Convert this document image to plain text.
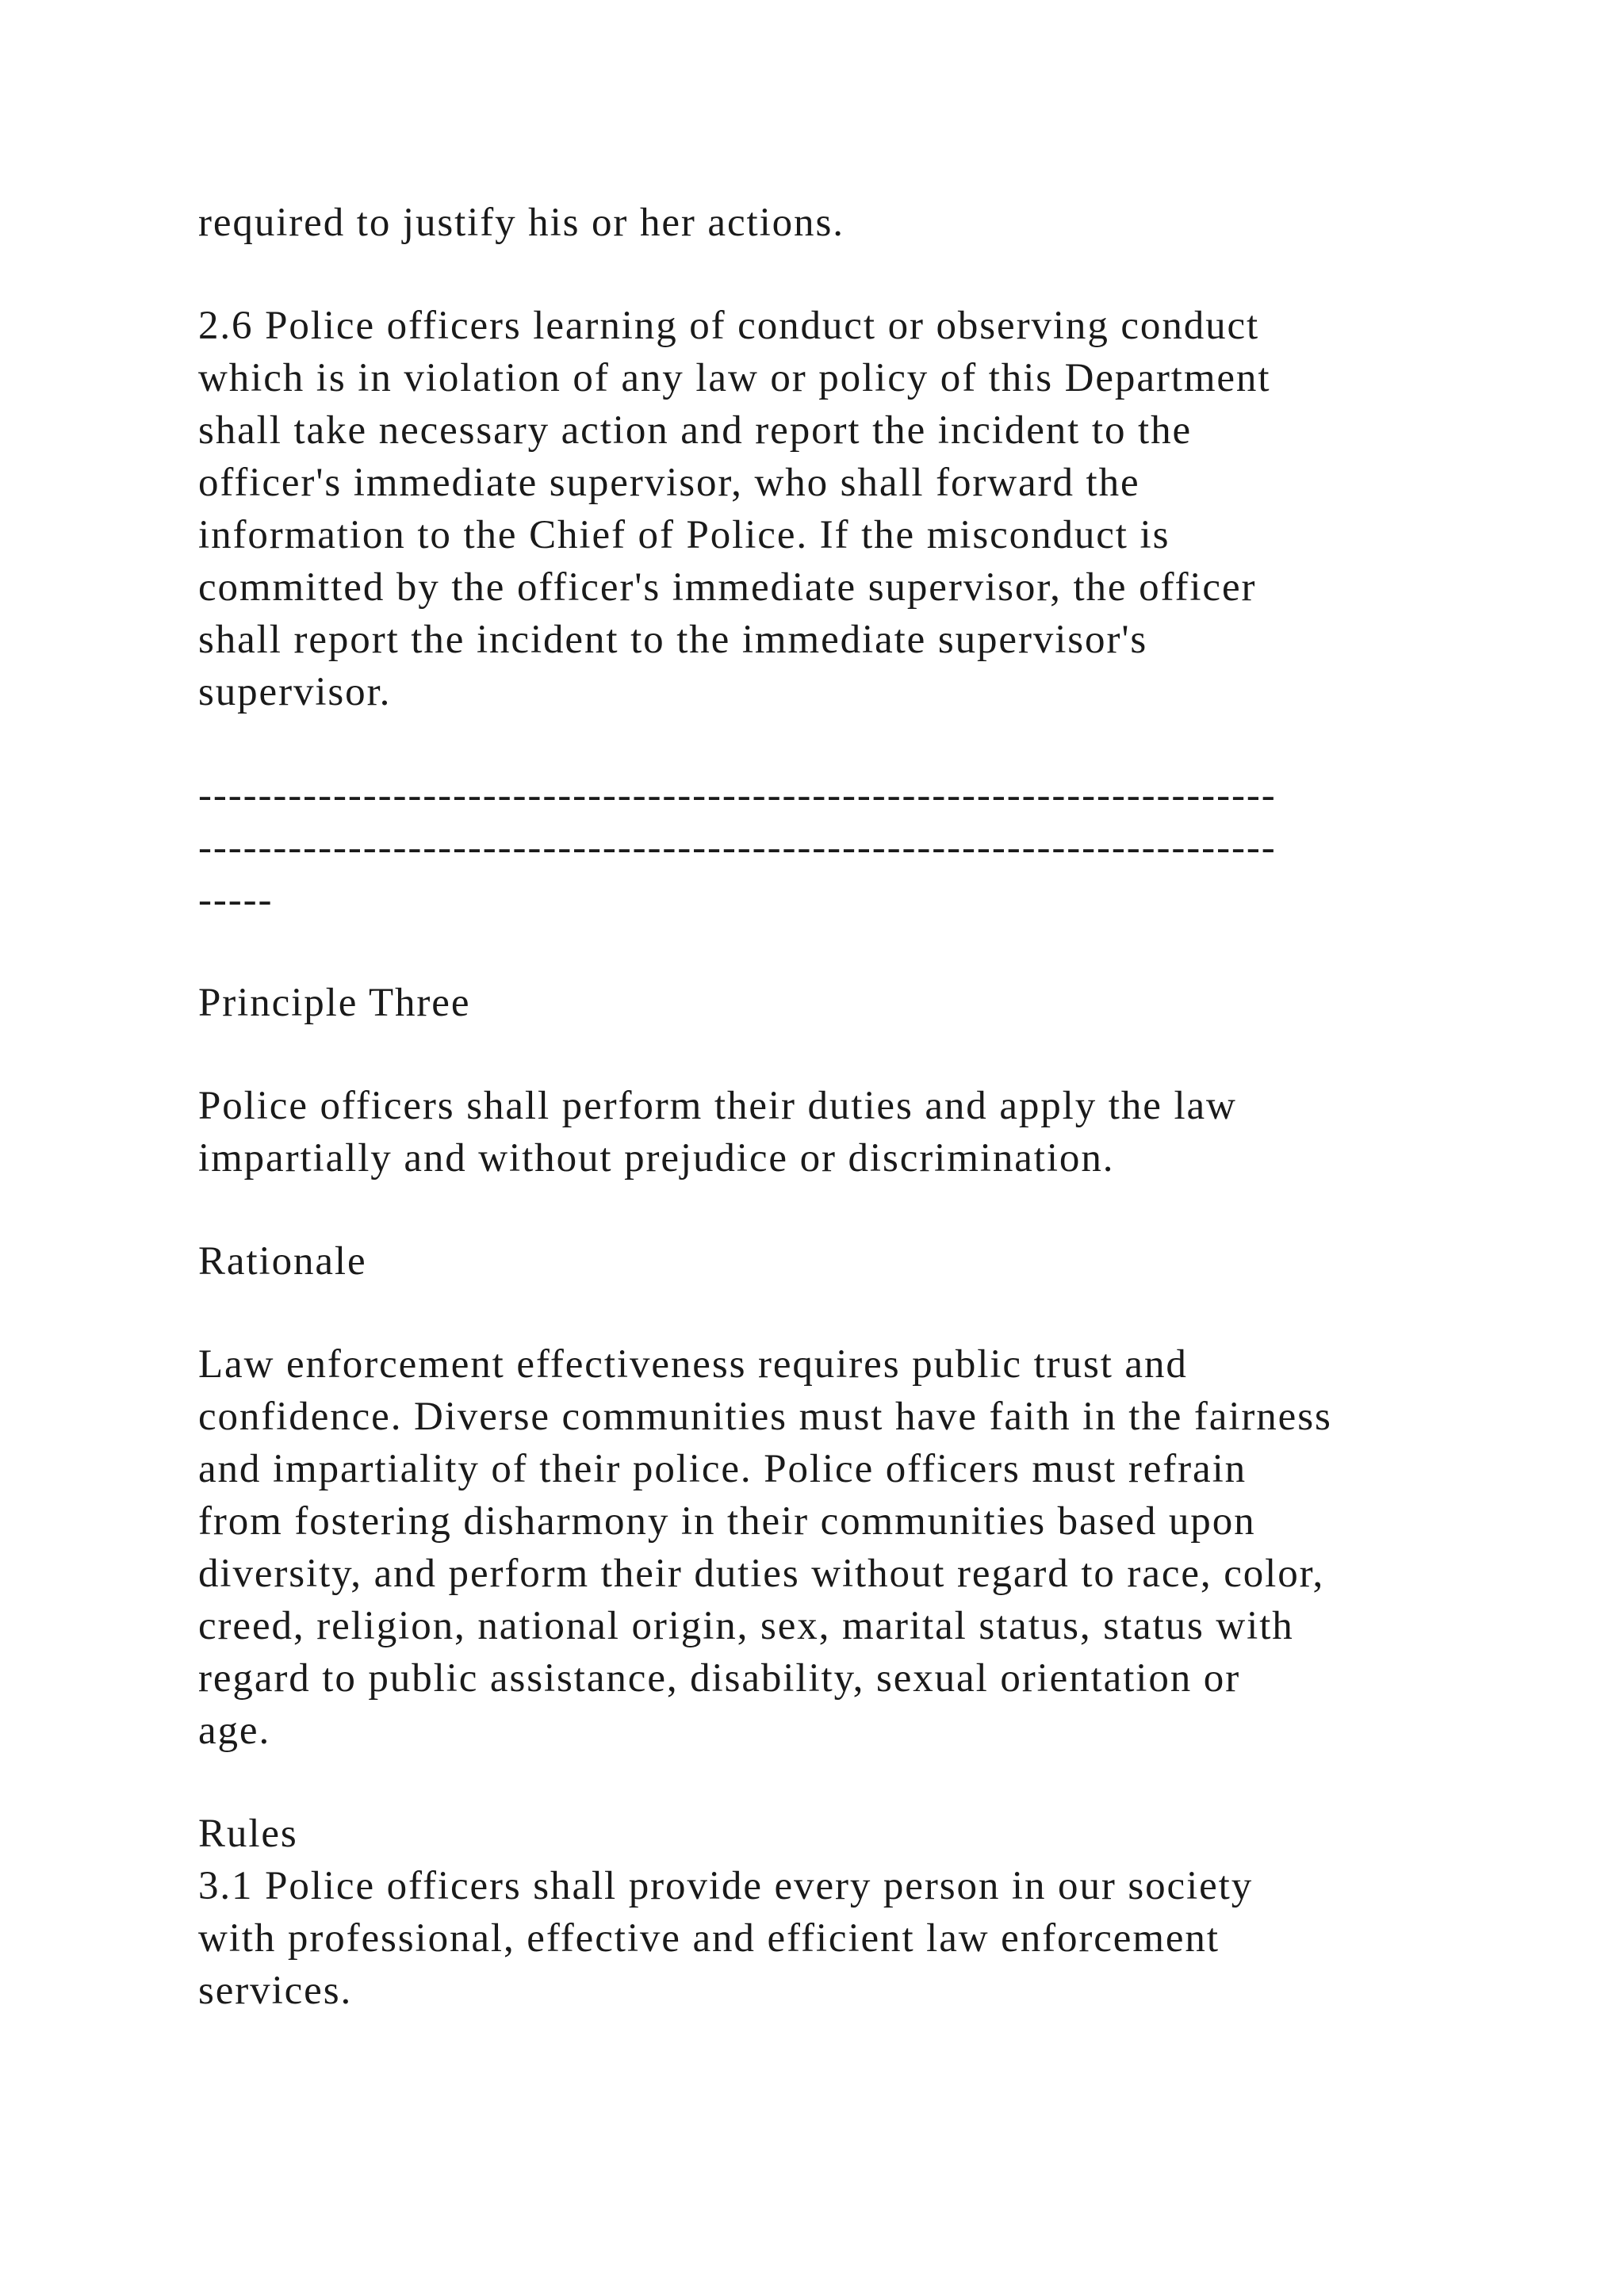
required to justify his or her actions.

2.6 Police officers learning of conduct or observing conduct

which is in violation of any law or policy of this Department

shall take necessary action and report the incident to the

officer's immediate supervisor, who shall forward the

information to the Chief of Police. If the misconduct is

committed by the officer's immediate supervisor, the officer

shall report the incident to the immediate supervisor's

supervisor.

------------------------------------------------------------------------

------------------------------------------------------------------------

-----

Principle Three

Police officers shall perform their duties and apply the law

impartially and without prejudice or discrimination.

Rationale

Law enforcement effectiveness requires public trust and

confidence. Diverse communities must have faith in the fairness

and impartiality of their police. Police officers must refrain

from fostering disharmony in their communities based upon

diversity, and perform their duties without regard to race, color,

creed, religion, national origin, sex, marital status, status with

regard to public assistance, disability, sexual orientation or

age.

Rules

3.1 Police officers shall provide every person in our society

with professional, effective and efficient law enforcement

services.
